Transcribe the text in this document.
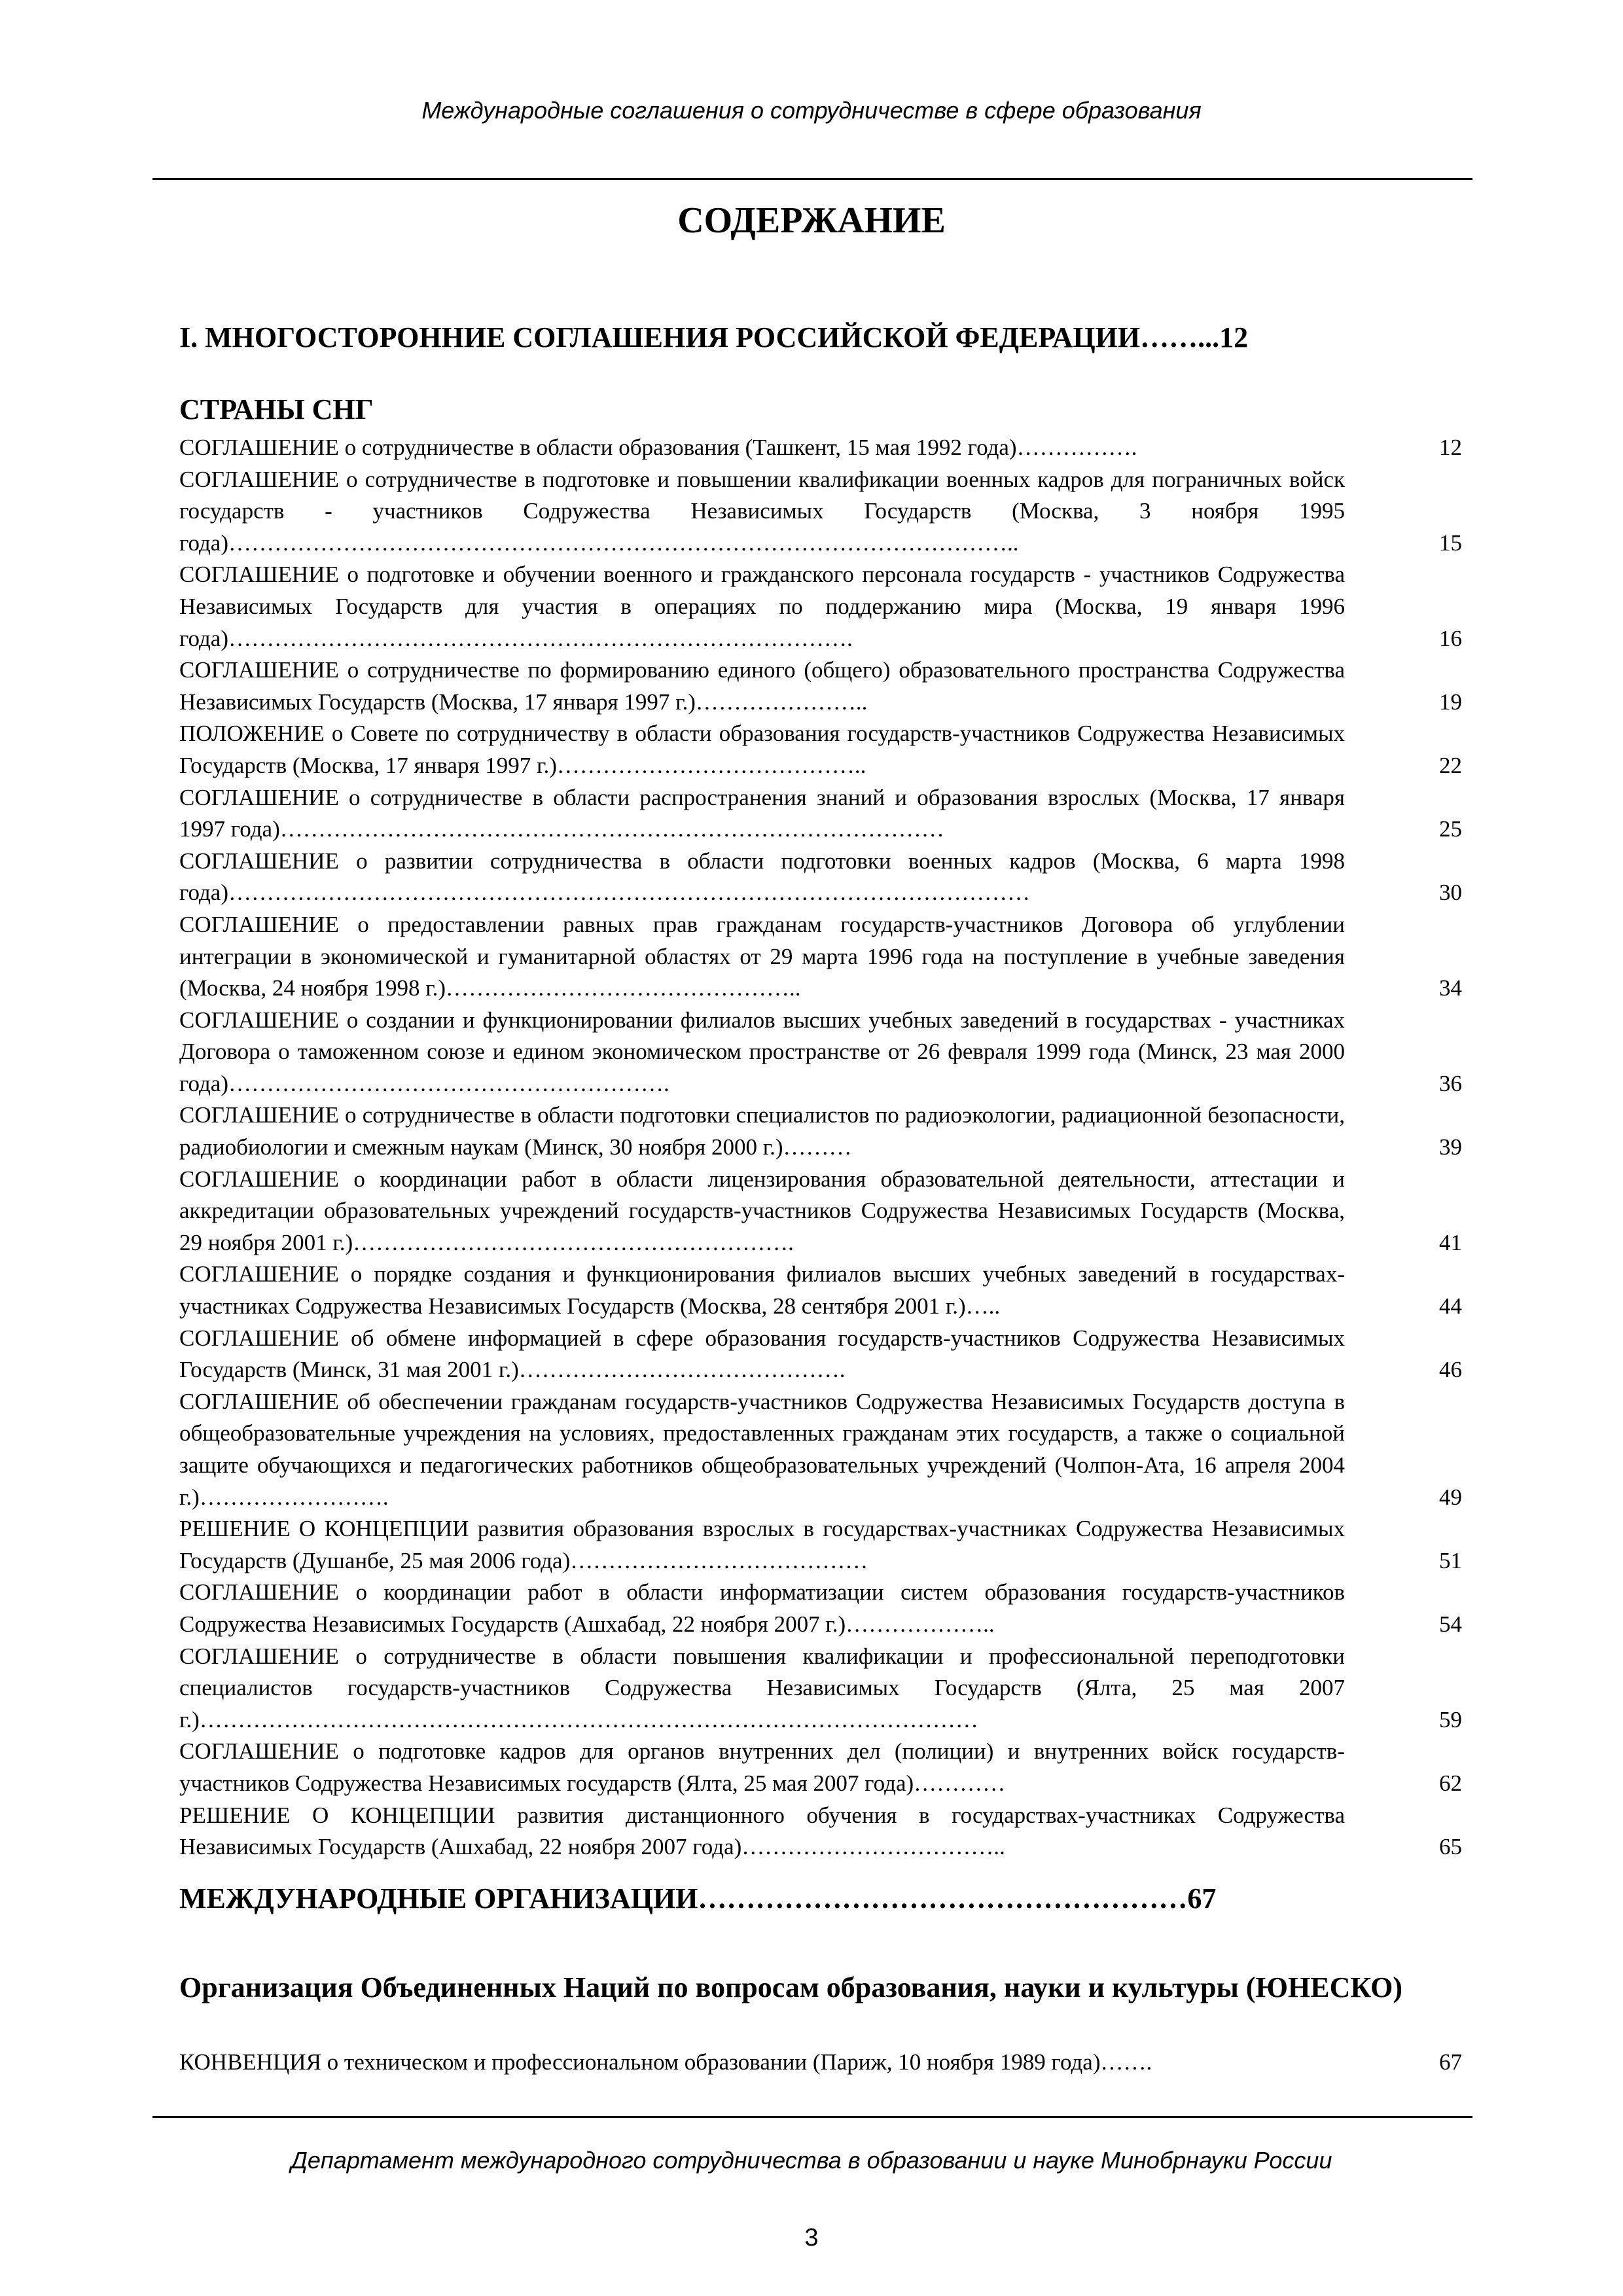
Международные соглашения о сотрудничестве в сфере образования
СОДЕРЖАНИЕ
I. МНОГОСТОРОННИЕ СОГЛАШЕНИЯ РОССИЙСКОЙ ФЕДЕРАЦИИ……...12
СТРАНЫ СНГ
СОГЛАШЕНИЕ о сотрудничестве в области образования (Ташкент, 15 мая 1992 года)…………….	12
СОГЛАШЕНИЕ о сотрудничестве в подготовке и повышении квалификации военных кадров для пограничных войск государств - участников Содружества Независимых Государств (Москва, 3 ноября 1995 года)…………………………………………………………………………………………..	15
СОГЛАШЕНИЕ о подготовке и обучении военного и гражданского персонала государств - участников Содружества Независимых Государств для участия в операциях по поддержанию мира (Москва, 19 января 1996 года)……………………………………………………………………….	16
СОГЛАШЕНИЕ о сотрудничестве по формированию единого (общего) образовательного пространства Содружества Независимых Государств (Москва, 17 января 1997 г.)…………………..	19
ПОЛОЖЕНИЕ о Совете по сотрудничеству в области образования государств-участников Содружества Независимых Государств (Москва, 17 января 1997 г.)…………………………………..	22
СОГЛАШЕНИЕ о сотрудничестве в области распространения знаний и образования взрослых (Москва, 17 января 1997 года)……………………………………………………………………………	25
СОГЛАШЕНИЕ о развитии сотрудничества в области подготовки военных кадров (Москва, 6 марта 1998 года)……………………………………………………………………………………………	30
СОГЛАШЕНИЕ о предоставлении равных прав гражданам государств-участников Договора об углублении интеграции в экономической и гуманитарной областях от 29 марта 1996 года на поступление в учебные заведения (Москва, 24 ноября 1998 г.)………………………………………..	34
СОГЛАШЕНИЕ о создании и функционировании филиалов высших учебных заведений в государствах - участниках Договора о таможенном союзе и едином экономическом пространстве от 26 февраля 1999 года (Минск, 23 мая 2000 года)………………………………………………….	36
СОГЛАШЕНИЕ о сотрудничестве в области подготовки специалистов по радиоэкологии, радиационной безопасности, радиобиологии и смежным наукам (Минск, 30 ноября 2000 г.)………	39
СОГЛАШЕНИЕ о координации работ в области лицензирования образовательной деятельности, аттестации и аккредитации образовательных учреждений государств-участников Содружества Независимых Государств (Москва, 29 ноября 2001 г.)………………………………………………….	41
СОГЛАШЕНИЕ о порядке создания и функционирования филиалов высших учебных заведений в государствах-участниках Содружества Независимых Государств (Москва, 28 сентября 2001 г.)…..	44
СОГЛАШЕНИЕ об обмене информацией в сфере образования государств-участников Содружества Независимых Государств (Минск, 31 мая 2001 г.)…………………………………….	46
СОГЛАШЕНИЕ об обеспечении гражданам государств-участников Содружества Независимых Государств доступа в общеобразовательные учреждения на условиях, предоставленных гражданам этих государств, а также о социальной защите обучающихся и педагогических работников общеобразовательных учреждений (Чолпон-Ата, 16 апреля 2004 г.)…………………….	49
РЕШЕНИЕ О КОНЦЕПЦИИ развития образования взрослых в государствах-участниках Содружества Независимых Государств (Душанбе, 25 мая 2006 года)…………………………………	51
СОГЛАШЕНИЕ о координации работ в области информатизации систем образования государств-участников Содружества Независимых Государств (Ашхабад, 22 ноября 2007 г.)………………..	54
СОГЛАШЕНИЕ о сотрудничестве в области повышения квалификации и профессиональной переподготовки специалистов государств-участников Содружества Независимых Государств (Ялта, 25 мая 2007 г.)…………………………………………………………………………………………	59
СОГЛАШЕНИЕ о подготовке кадров для органов внутренних дел (полиции) и внутренних войск государств-участников Содружества Независимых государств (Ялта, 25 мая 2007 года)…………	62
РЕШЕНИЕ О КОНЦЕПЦИИ развития дистанционного обучения в государствах-участниках Содружества Независимых Государств (Ашхабад, 22 ноября 2007 года)……………………………..	65
МЕЖДУНАРОДНЫЕ ОРГАНИЗАЦИИ……………………………………………67
Организация Объединенных Наций по вопросам образования, науки и культуры (ЮНЕСКО)
КОНВЕНЦИЯ о техническом и профессиональном образовании (Париж, 10 ноября 1989 года)…….	67
Департамент международного сотрудничества в образовании и науке Минобрнауки России
3
